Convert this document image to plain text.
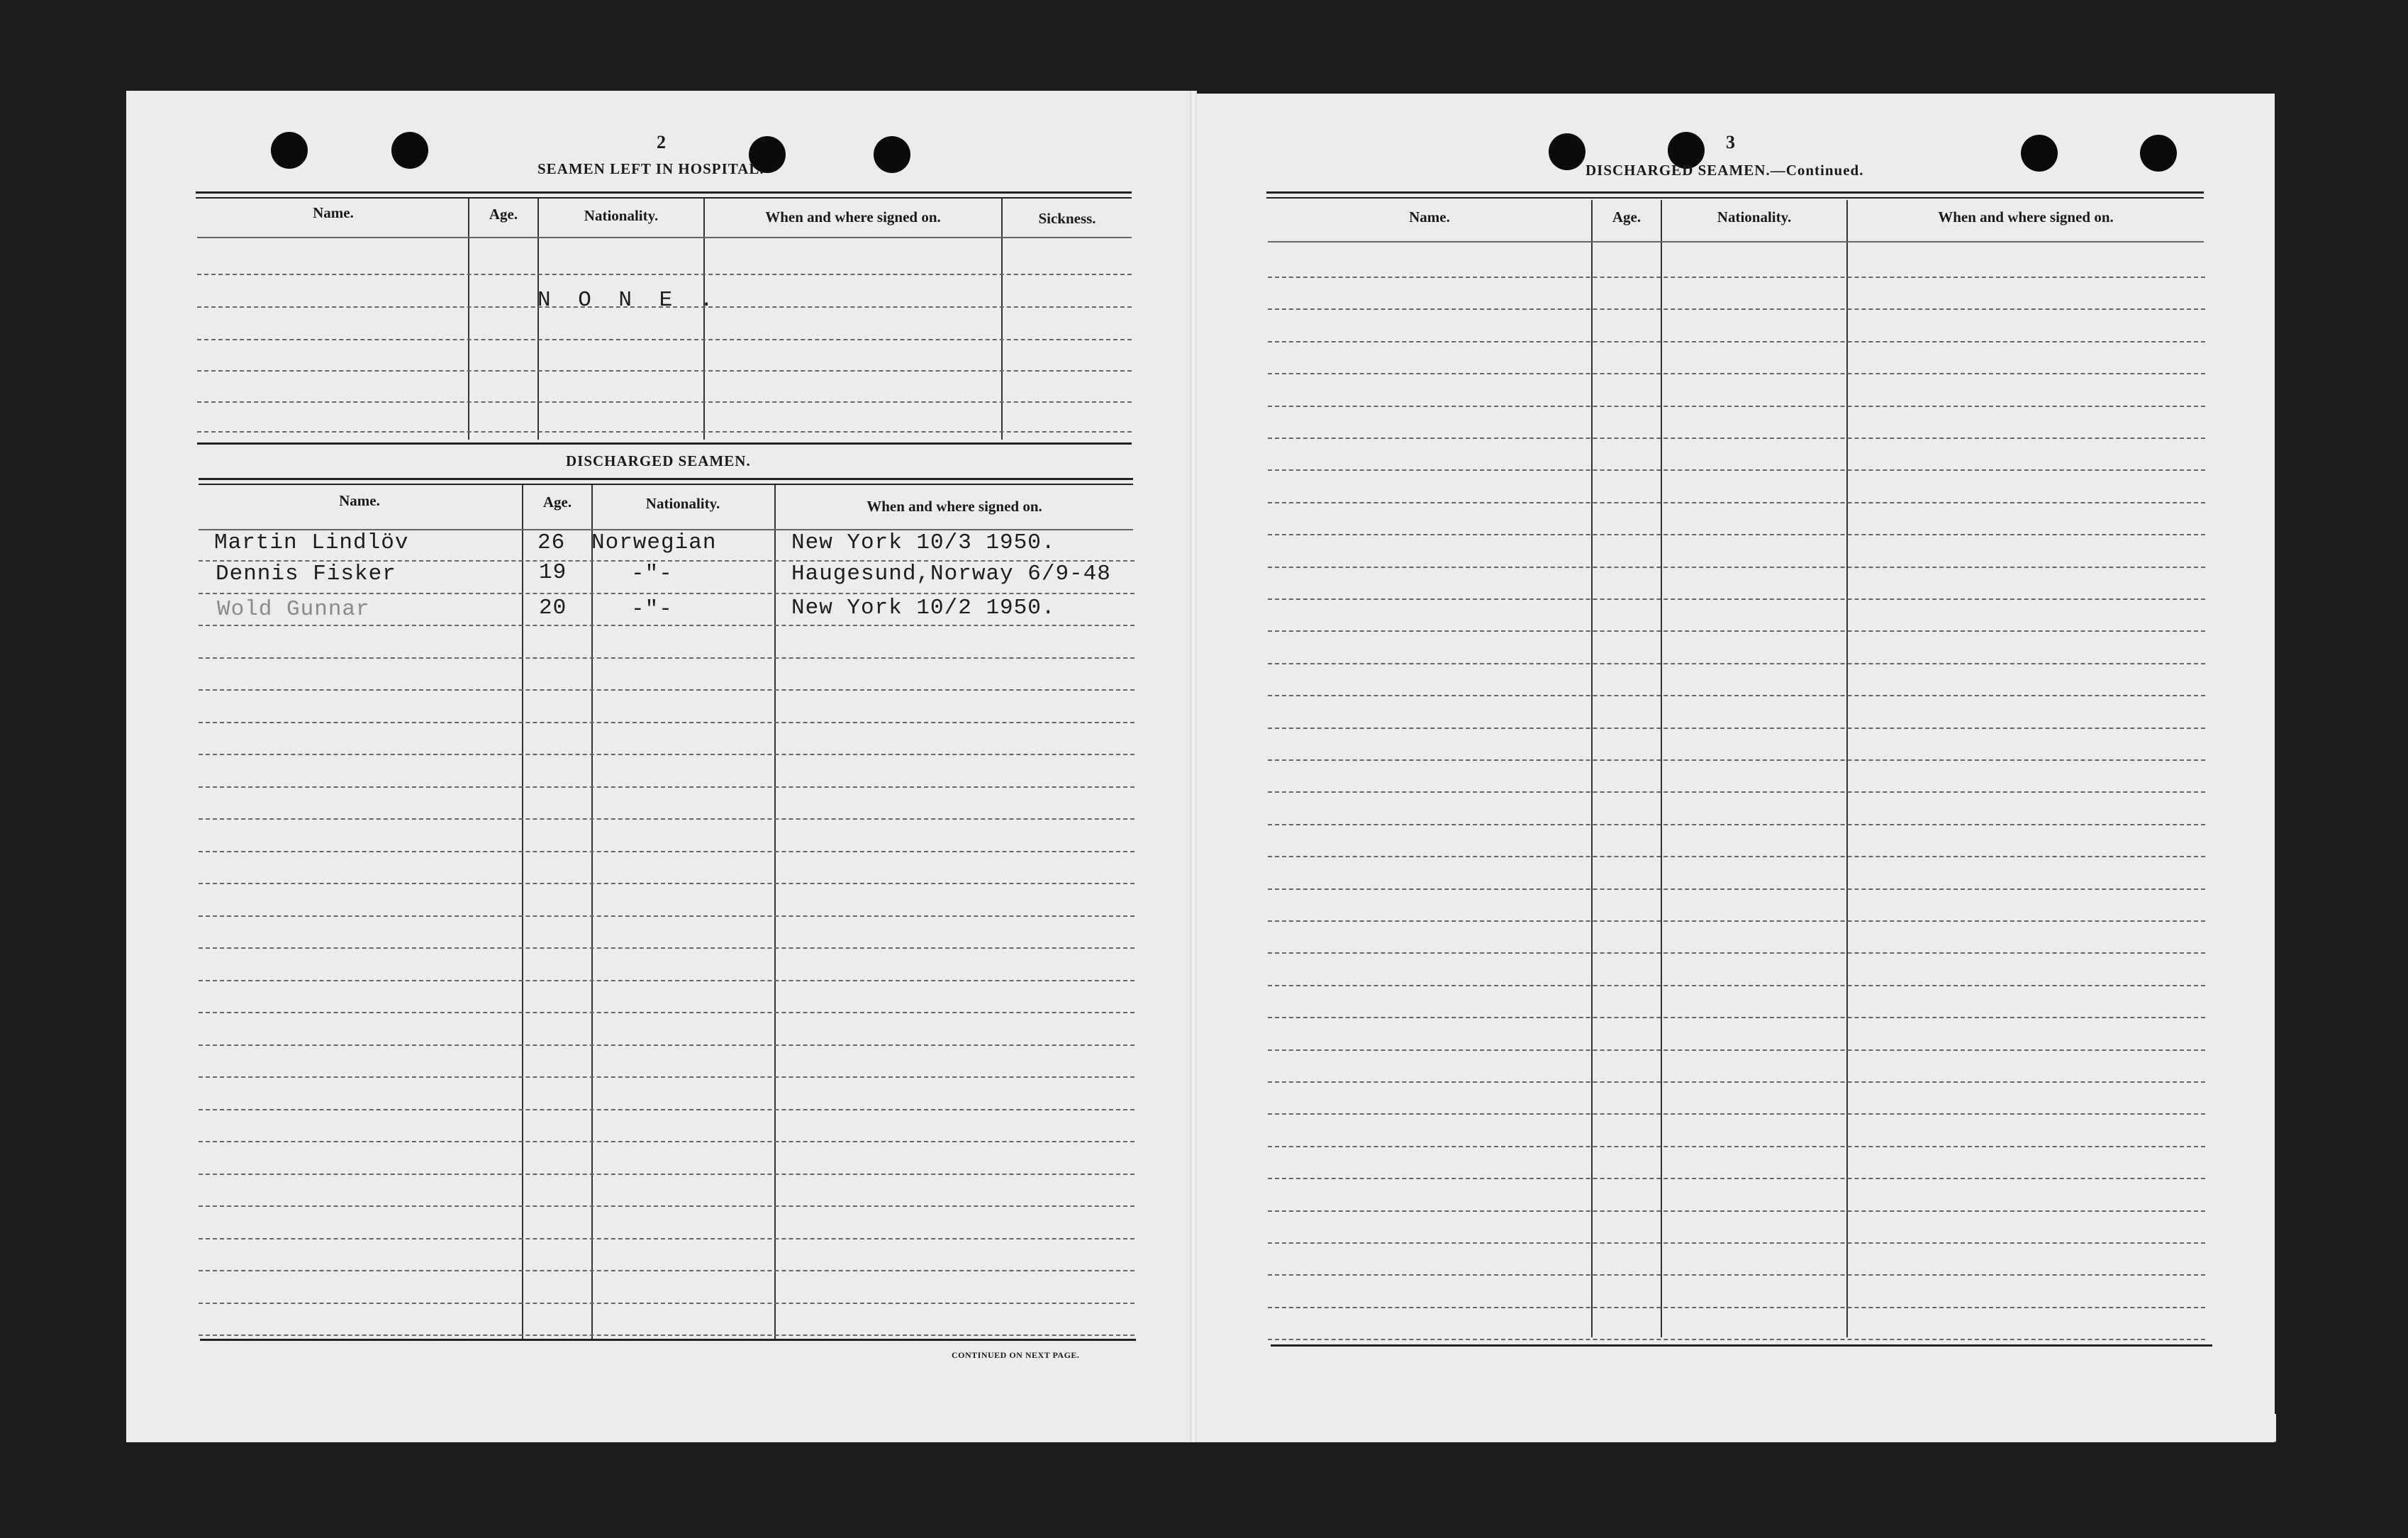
2
SEAMEN LEFT IN HOSPITAL.
Name.	Age.	Nationality.	When and where signed on.	Sickness.
N O N E .
DISCHARGED SEAMEN.
Name.	Age.	Nationality.	When and where signed on.
Martin Lindlöv	26 Norwegian	New York 10/3 1950.
Dennis Fisker	19	-"-	Haugesund,Norway 6/9-48
Wold Gunnar	20	-"-	New York 10/2 1950.
CONTINUED ON NEXT PAGE.
3
DISCHARGED SEAMEN.—Continued.
Name.	Age.	Nationality.	When and where signed on.
